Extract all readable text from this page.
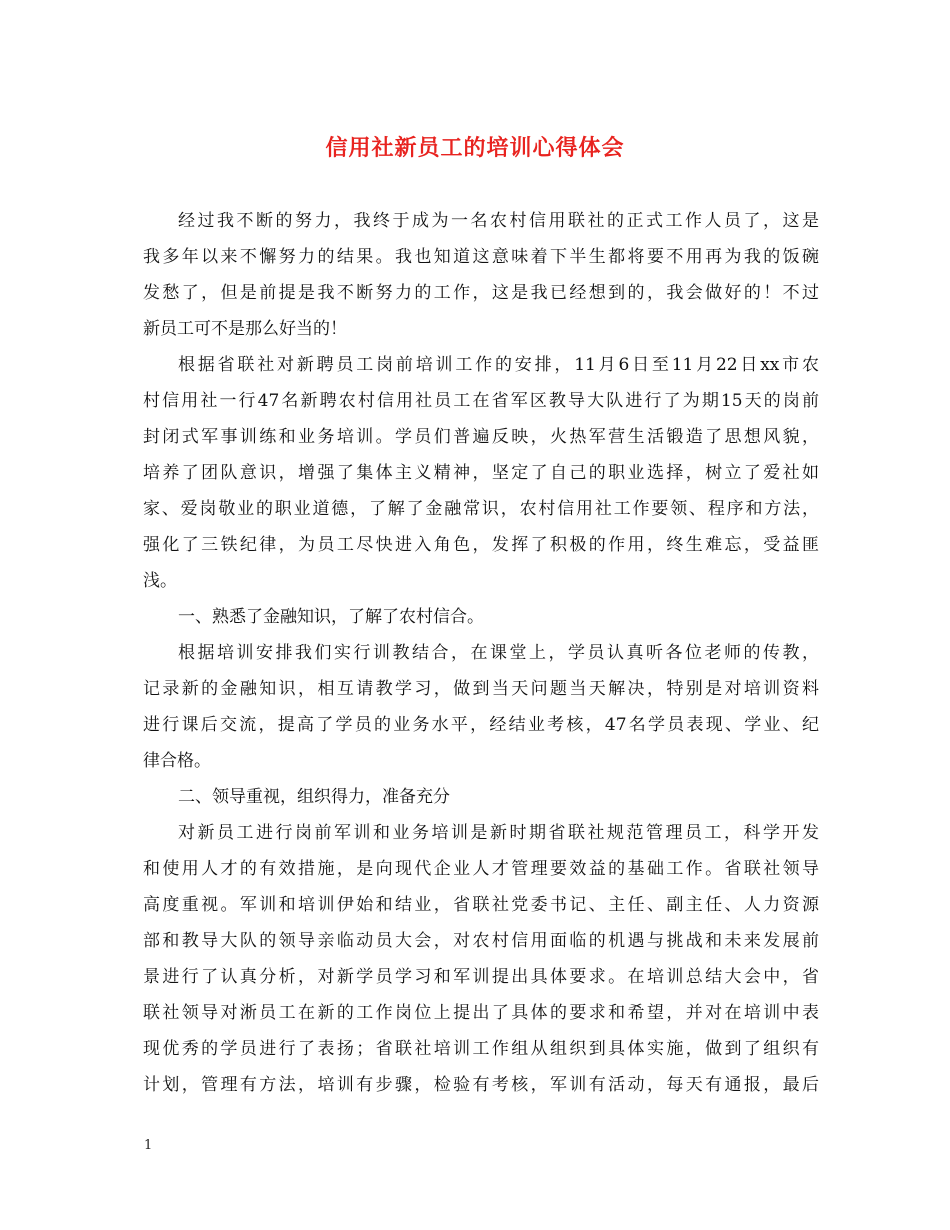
信用社新员工的培训心得体会
经过我不断的努力，我终于成为一名农村信用联社的正式工作人员了，这是
我多年以来不懈努力的结果。我也知道这意味着下半生都将要不用再为我的饭碗
发愁了，但是前提是我不断努力的工作，这是我已经想到的，我会做好的！不过
新员工可不是那么好当的！
根据省联社对新聘员工岗前培训工作的安排，11月6日至11月22日xx市农
村信用社一行47名新聘农村信用社员工在省军区教导大队进行了为期15天的岗前
封闭式军事训练和业务培训。学员们普遍反映，火热军营生活锻造了思想风貌，
培养了团队意识，增强了集体主义精神，坚定了自己的职业选择，树立了爱社如
家、爱岗敬业的职业道德，了解了金融常识，农村信用社工作要领、程序和方法，
强化了三铁纪律，为员工尽快进入角色，发挥了积极的作用，终生难忘，受益匪
浅。
一、熟悉了金融知识，了解了农村信合。
根据培训安排我们实行训教结合，在课堂上，学员认真听各位老师的传教，
记录新的金融知识，相互请教学习，做到当天问题当天解决，特别是对培训资料
进行课后交流，提高了学员的业务水平，经结业考核，47名学员表现、学业、纪
律合格。
二、领导重视，组织得力，准备充分
对新员工进行岗前军训和业务培训是新时期省联社规范管理员工，科学开发
和使用人才的有效措施，是向现代企业人才管理要效益的基础工作。省联社领导
高度重视。军训和培训伊始和结业，省联社党委书记、主任、副主任、人力资源
部和教导大队的领导亲临动员大会，对农村信用面临的机遇与挑战和未来发展前
景进行了认真分析，对新学员学习和军训提出具体要求。在培训总结大会中，省
联社领导对淅员工在新的工作岗位上提出了具体的要求和希望，并对在培训中表
现优秀的学员进行了表扬；省联社培训工作组从组织到具体实施，做到了组织有
计划，管理有方法，培训有步骤，检验有考核，军训有活动，每天有通报，最后
1
